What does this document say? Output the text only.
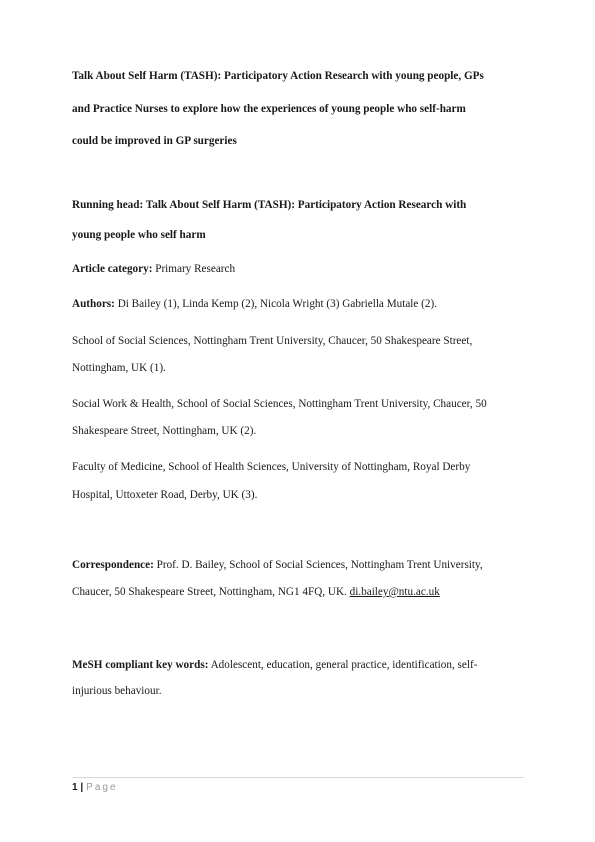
Talk About Self Harm (TASH): Participatory Action Research with young people, GPs
and Practice Nurses to explore how the experiences of young people who self-harm
could be improved in GP surgeries
Running head: Talk About Self Harm (TASH): Participatory Action Research with
young people who self harm
Article category: Primary Research
Authors: Di Bailey (1), Linda Kemp (2), Nicola Wright (3) Gabriella Mutale (2).
School of Social Sciences, Nottingham Trent University, Chaucer, 50 Shakespeare Street,
Nottingham, UK (1).
Social Work & Health, School of Social Sciences, Nottingham Trent University, Chaucer, 50
Shakespeare Street, Nottingham, UK (2).
Faculty of Medicine, School of Health Sciences, University of Nottingham, Royal Derby
Hospital, Uttoxeter Road, Derby, UK (3).
Correspondence: Prof. D. Bailey, School of Social Sciences, Nottingham Trent University,
Chaucer, 50 Shakespeare Street, Nottingham, NG1 4FQ, UK. di.bailey@ntu.ac.uk
MeSH compliant key words: Adolescent, education, general practice, identification, self-
injurious behaviour.
1 | Page
